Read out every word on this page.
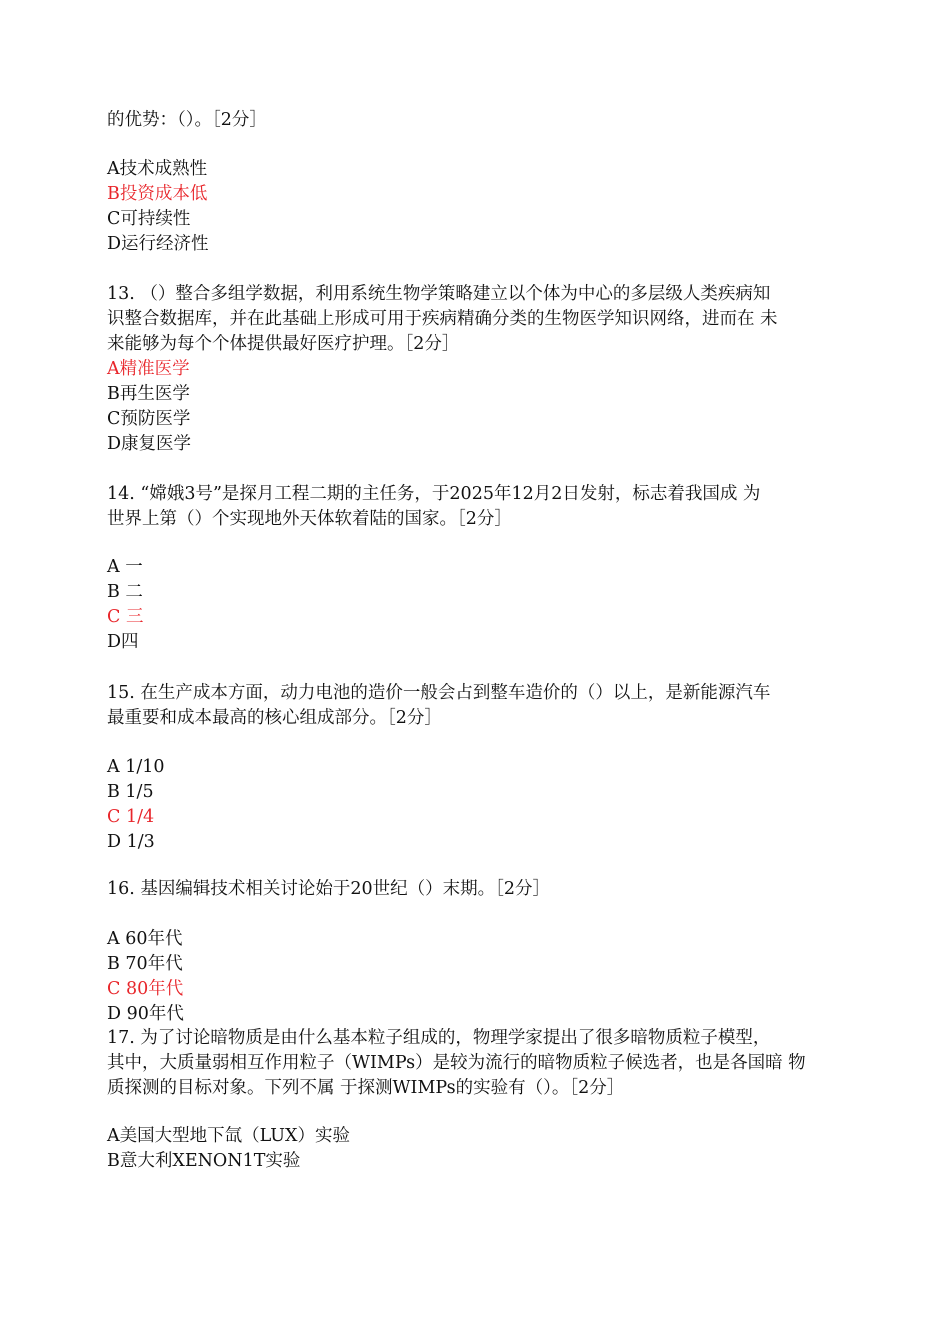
的优势：（）。［2分］
A技术成熟性
B投资成本低
C可持续性
D运行经济性
13. （）整合多组学数据，利用系统生物学策略建立以个体为中心的多层级人类疾病知
识整合数据库，并在此基础上形成可用于疾病精确分类的生物医学知识网络，进而在 未
来能够为每个个体提供最好医疗护理。［2分］
A精准医学
B再生医学
C预防医学
D康复医学
14. “嫦娥3号”是探月工程二期的主任务，于2025年12月2日发射，标志着我国成 为
世界上第（）个实现地外天体软着陆的国家。［2分］
A 一
B 二
C 三
D四
15. 在生产成本方面，动力电池的造价一般会占到整车造价的（）以上，是新能源汽车
最重要和成本最高的核心组成部分。［2分］
A 1/10
B 1/5
C 1/4
D 1/3
16. 基因编辑技术相关讨论始于20世纪（）末期。［2分］
A 60年代
B 70年代
C 80年代
D 90年代
17. 为了讨论暗物质是由什么基本粒子组成的，物理学家提出了很多暗物质粒子模型，
其中，大质量弱相互作用粒子（WIMPs）是较为流行的暗物质粒子候选者，也是各国暗 物
质探测的目标对象。下列不属 于探测WIMPs的实验有（）。［2分］
A美国大型地下氙（LUX）实验
B意大利XENON1T实验
